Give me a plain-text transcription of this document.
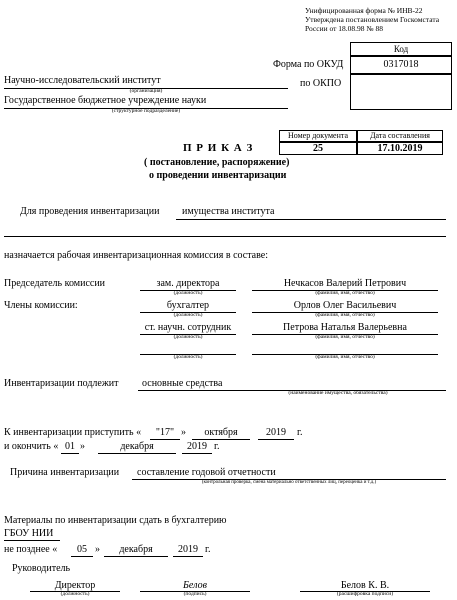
Унифицированная форма № ИНВ-22
Утверждена постановлением Госкомстата
России от 18.08.98 № 88
Код
0317018
Форма по ОКУД
по ОКПО
Научно-исследовательский институт
(организация)
Государственное бюджетное учреждение науки
(структурное подразделение)
П Р И К А З
( постановление, распоряжение)
о проведении инвентаризации
Номер документа	Дата составления
25	17.10.2019
Для проведения инвентаризации имущества института
назначается рабочая инвентаризационная комиссия в составе:
Председатель комиссии	зам. директора
(должность)
Нечкасов Валерий Петрович
(фамилия, имя, отчество)
Члены комиссии:	бухгалтер
(должность)
Орлов Олег Васильевич
(фамилия, имя, отчество)
ст. научн. сотрудник
(должность)
Петрова Наталья Валерьевна
(фамилия, имя, отчество)
(должность)	(фамилия, имя, отчество)
Инвентаризации подлежит основные средства
(наименование имущества, обязательства)
К инвентаризации приступить «	"17" »	октября	2019	г.
и окончить « 01 »	декабря	2019 г.
Причина инвентаризации составление годовой отчетности
(контрольная проверка, смена материально ответственных лиц, переоценка и т.д.)
Материалы по инвентаризации сдать в бухгалтерию
ГБОУ НИИ
не позднее «	05 »	декабря	2019 г.
Руководитель
Директор
(должность)
Белов
(подпись)
Белов К. В.
(расшифровка подписи)
